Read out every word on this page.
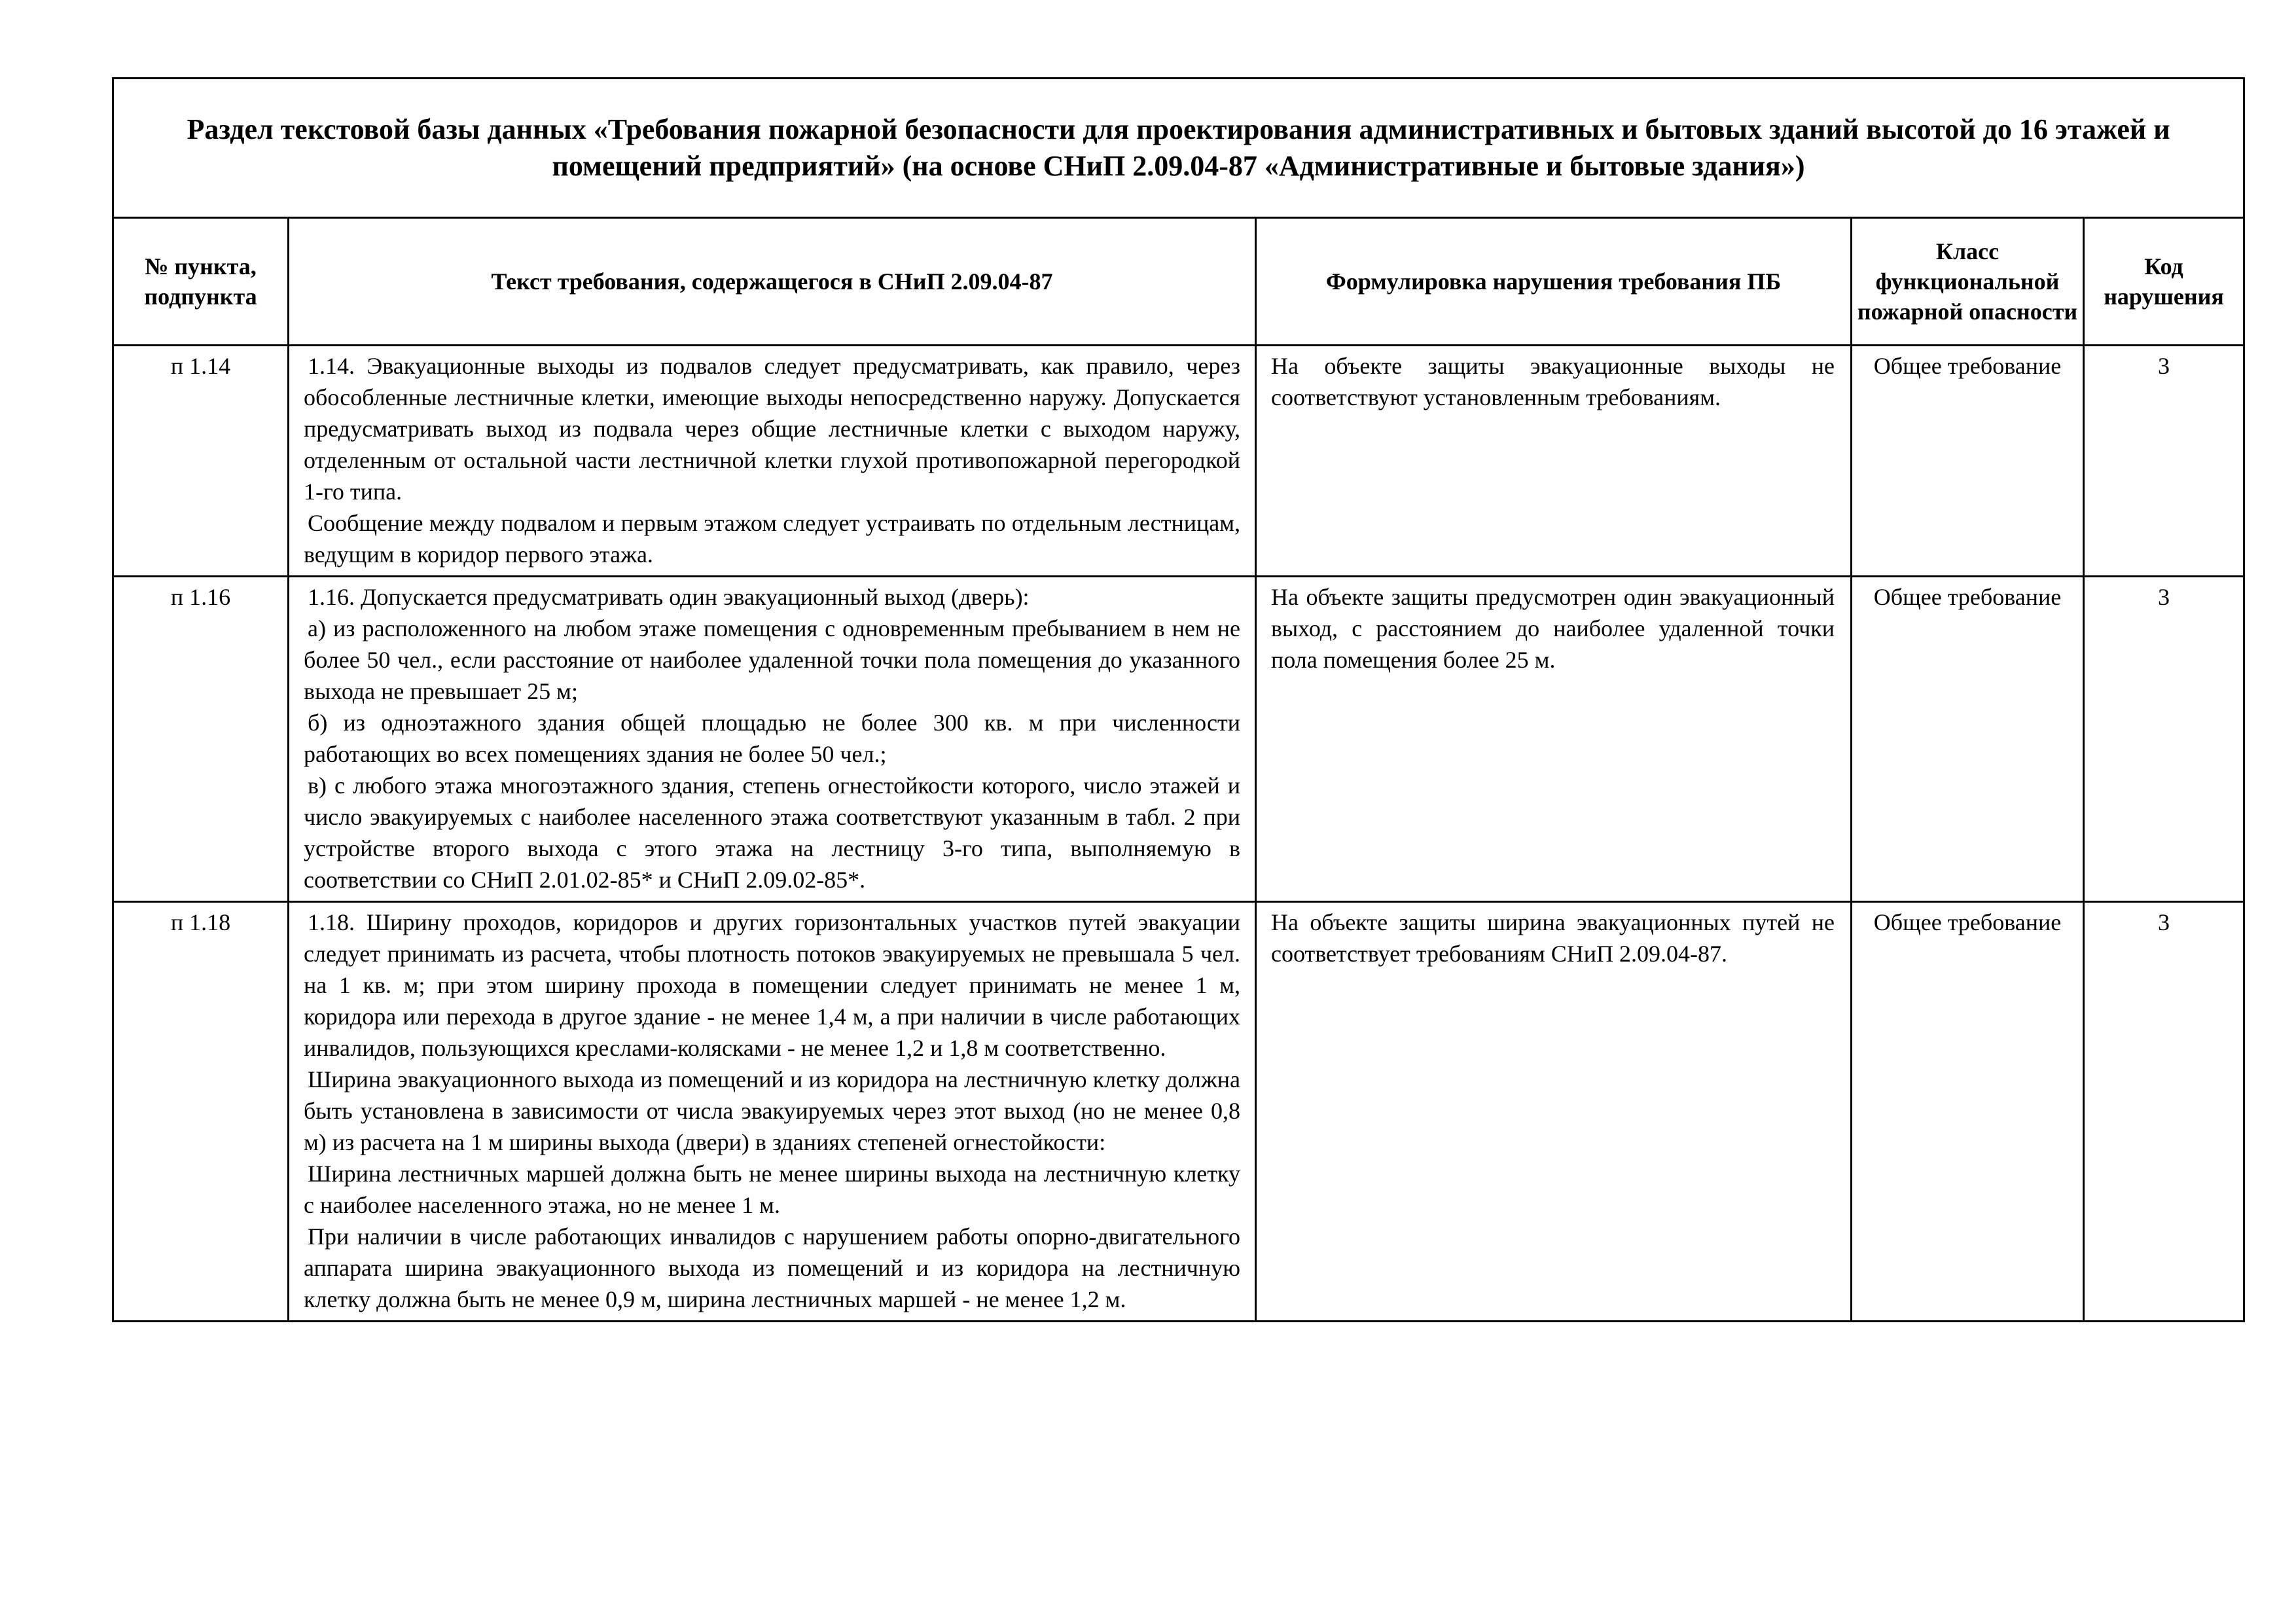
Раздел текстовой базы данных «Требования пожарной безопасности для проектирования административных и бытовых зданий высотой до 16 этажей и помещений предприятий» (на основе СНиП 2.09.04-87 «Административные и бытовые здания»)				
№ пункта, подпункта	Текст требования, содержащегося в СНиП 2.09.04-87	Формулировка нарушения требования ПБ	Класс функциональной пожарной опасности	Код нарушения
п 1.14	1.14. Эвакуационные выходы из подвалов следует предусматривать, как правило, через обособленные лестничные клетки, имеющие выходы непосредственно наружу. Допускается предусматривать выход из подвала через общие лестничные клетки с выходом наружу, отделенным от остальной части лестничной клетки глухой противопожарной перегородкой 1-го типа.

Сообщение между подвалом и первым этажом следует устраивать по отдельным лестницам, ведущим в коридор первого этажа.	На объекте защиты эвакуационные выходы не соответствуют установленным требованиям.	Общее требование	3
п 1.16	1.16. Допускается предусматривать один эвакуационный выход (дверь):

а) из расположенного на любом этаже помещения с одновременным пребыванием в нем не более 50 чел., если расстояние от наиболее удаленной точки пола помещения до указанного выхода не превышает 25 м;

б) из одноэтажного здания общей площадью не более 300 кв. м при численности работающих во всех помещениях здания не более 50 чел.;

в) с любого этажа многоэтажного здания, степень огнестойкости которого, число этажей и число эвакуируемых с наиболее населенного этажа соответствуют указанным в табл. 2 при устройстве второго выхода с этого этажа на лестницу 3-го типа, выполняемую в соответствии со СНиП 2.01.02-85* и СНиП 2.09.02-85*.	На объекте защиты предусмотрен один эвакуационный выход, с расстоянием до наиболее удаленной точки пола помещения более 25 м.	Общее требование	3
п 1.18	1.18. Ширину проходов, коридоров и других горизонтальных участков путей эвакуации следует принимать из расчета, чтобы плотность потоков эвакуируемых не превышала 5 чел. на 1 кв. м; при этом ширину прохода в помещении следует принимать не менее 1 м, коридора или перехода в другое здание - не менее 1,4 м, а при наличии в числе работающих инвалидов, пользующихся креслами-колясками - не менее 1,2 и 1,8 м соответственно.

Ширина эвакуационного выхода из помещений и из коридора на лестничную клетку должна быть установлена в зависимости от числа эвакуируемых через этот выход (но не менее 0,8 м) из расчета на 1 м ширины выхода (двери) в зданиях степеней огнестойкости:

Ширина лестничных маршей должна быть не менее ширины выхода на лестничную клетку с наиболее населенного этажа, но не менее 1 м.

При наличии в числе работающих инвалидов с нарушением работы опорно-двигательного аппарата ширина эвакуационного выхода из помещений и из коридора на лестничную клетку должна быть не менее 0,9 м, ширина лестничных маршей - не менее 1,2 м.	На объекте защиты ширина эвакуационных путей не соответствует требованиям СНиП 2.09.04-87.	Общее требование	3
